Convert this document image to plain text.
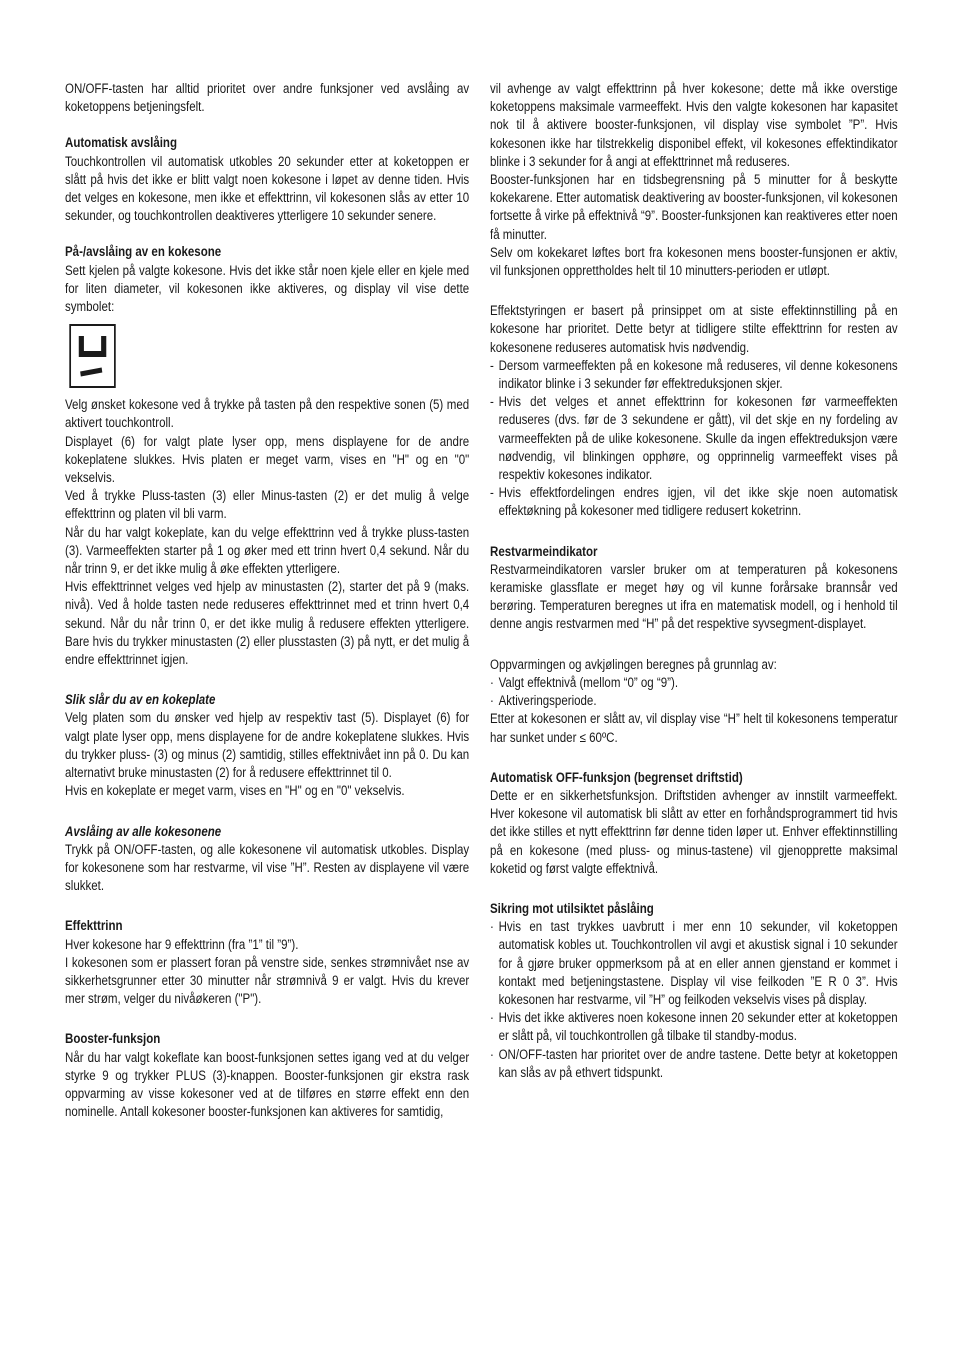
ON/OFF-tasten har alltid prioritet over andre funksjoner ved avslåing av koketoppens betjeningsfelt.

Automatisk avslåing

Touchkontrollen vil automatisk utkobles 20 sekunder etter at koketoppen er slått på hvis det ikke er blitt valgt noen kokesone i løpet av denne tiden. Hvis det velges en kokesone, men ikke et effekttrinn, vil kokesonen slås av etter 10 sekunder, og touchkontrollen deaktiveres ytterligere 10 sekunder senere.

På-/avslåing av en kokesone

Sett kjelen på valgte kokesone. Hvis det ikke står noen kjele eller en kjele med for liten diameter, vil kokesonen ikke aktiveres, og display vil vise dette symbolet:

Velg ønsket kokesone ved å trykke på tasten på den respektive sonen (5) med aktivert touchkontroll.

Displayet (6) for valgt plate lyser opp, mens displayene for de andre kokeplatene slukkes. Hvis platen er meget varm, vises en "H" og en "0" vekselvis.

Ved å trykke Pluss-tasten (3) eller Minus-tasten (2) er det mulig å velge effekttrinn og platen vil bli varm.

Når du har valgt kokeplate, kan du velge effekttrinn ved å trykke pluss-tasten (3). Varmeeffekten starter på 1 og øker med ett trinn hvert 0,4 sekund. Når du når trinn 9, er det ikke mulig å øke effekten ytterligere.

Hvis effekttrinnet velges ved hjelp av minustasten (2), starter det på 9 (maks. nivå). Ved å holde tasten nede reduseres effekttrinnet med et trinn hvert 0,4 sekund. Når du når trinn 0, er det ikke mulig å redusere effekten ytterligere. Bare hvis du trykker minustasten (2) eller plusstasten (3) på nytt, er det mulig å endre effekttrinnet igjen.

Slik slår du av en kokeplate

Velg platen som du ønsker ved hjelp av respektiv tast (5). Displayet (6) for valgt plate lyser opp, mens displayene for de andre kokeplatene slukkes. Hvis du trykker pluss- (3) og minus (2) samtidig, stilles effektnivået inn på 0. Du kan alternativt bruke minustasten (2) for å redusere effekttrinnet til 0.

Hvis en kokeplate er meget varm, vises en "H" og en "0" vekselvis.

Avslåing av alle kokesonene

Trykk på ON/OFF-tasten, og alle kokesonene vil automatisk utkobles. Display for kokesonene som har restvarme, vil vise ”H”. Resten av displayene vil være slukket.

Effekttrinn

Hver kokesone har 9 effekttrinn (fra ”1” til ”9”).

I kokesonen som er plassert foran på venstre side, senkes strømnivået nse av sikkerhetsgrunner etter 30 minutter når strømnivå 9 er valgt. Hvis du krever mer strøm, velger du nivåøkeren ("P").

Booster-funksjon

Når du har valgt kokeflate kan boost-funksjonen settes igang ved at du velger styrke 9 og trykker PLUS (3)-knappen. Booster-funksjonen gir ekstra rask oppvarming av visse kokesoner ved at de tilføres en større effekt enn den nominelle. Antall kokesoner booster-funksjonen kan aktiveres for samtidig,

vil avhenge av valgt effekttrinn på hver kokesone; dette må ikke overstige koketoppens maksimale varmeeffekt. Hvis den valgte kokesonen har kapasitet nok til å aktivere booster-funksjonen, vil display vise symbolet ”P”. Hvis kokesonen ikke har tilstrekkelig disponibel effekt, vil kokesones effektindikator blinke i 3 sekunder for å angi at effekttrinnet må reduseres.

Booster-funksjonen har en tidsbegrensning på 5 minutter for å beskytte kokekarene. Etter automatisk deaktivering av booster-funksjonen, vil kokesonen fortsette å virke på effektnivå “9”. Booster-funksjonen kan reaktiveres etter noen få minutter.

Selv om kokekaret løftes bort fra kokesonen mens booster-funsjonen er aktiv, vil funksjonen opprettholdes helt til 10 minutters-perioden er utløpt.

Effektstyringen er basert på prinsippet om at siste effektinnstilling på en kokesone har prioritet. Dette betyr at tidligere stilte effekttrinn for resten av kokesonene reduseres automatisk hvis nødvendig.

- Dersom varmeeffekten på en kokesone må reduseres, vil denne kokesonens indikator blinke i 3 sekunder før effektreduksjonen skjer.
- Hvis det velges et annet effekttrinn for kokesonen før varmeeffekten reduseres (dvs. før de 3 sekundene er gått), vil det skje en ny fordeling av varmeeffekten på de ulike kokesonene. Skulle da ingen effektreduksjon være nødvendig, vil blinkingen opphøre, og opprinnelig varmeeffekt vises på respektiv kokesones indikator.
- Hvis effektfordelingen endres igjen, vil det ikke skje noen automatisk effektøkning på kokesoner med tidligere redusert koketrinn.
Restvarmeindikator

Restvarmeindikatoren varsler bruker om at temperaturen på kokesonens keramiske glassflate er meget høy og vil kunne forårsake brannsår ved berøring. Temperaturen beregnes ut ifra en matematisk modell, og i henhold til denne angis restvarmen med “H” på det respektive syvsegment-displayet.

Oppvarmingen og avkjølingen beregnes på grunnlag av:

· Valgt effektnivå (mellom “0” og “9”).
· Aktiveringsperiode.

Etter at kokesonen er slått av, vil display vise “H” helt til kokesonens temperatur har sunket under ≤ 60ºC.

Automatisk OFF-funksjon (begrenset driftstid)

Dette er en sikkerhetsfunksjon. Driftstiden avhenger av innstilt varmeeffekt. Hver kokesone vil automatisk bli slått av etter en forhåndsprogrammert tid hvis det ikke stilles et nytt effekttrinn før denne tiden løper ut. Enhver effektinnstilling på en kokesone (med pluss- og minus-tastene) vil gjenopprette maksimal koketid og først valgte effektnivå.

Sikring mot utilsiktet påslåing
· Hvis en tast trykkes uavbrutt i mer enn 10 sekunder, vil koketoppen automatisk kobles ut. Touchkontrollen vil avgi et akustisk signal i 10 sekunder for å gjøre bruker oppmerksom på at en eller annen gjenstand er kommet i kontakt med betjeningstastene. Display vil vise feilkoden ”E R 0 3”. Hvis kokesonen har restvarme, vil ”H” og feilkoden vekselvis vises på display.
· Hvis det ikke aktiveres noen kokesone innen 20 sekunder etter at koketoppen er slått på, vil touchkontrollen gå tilbake til standby-modus.
· ON/OFF-tasten har prioritet over de andre tastene. Dette betyr at koketoppen kan slås av på ethvert tidspunkt.
